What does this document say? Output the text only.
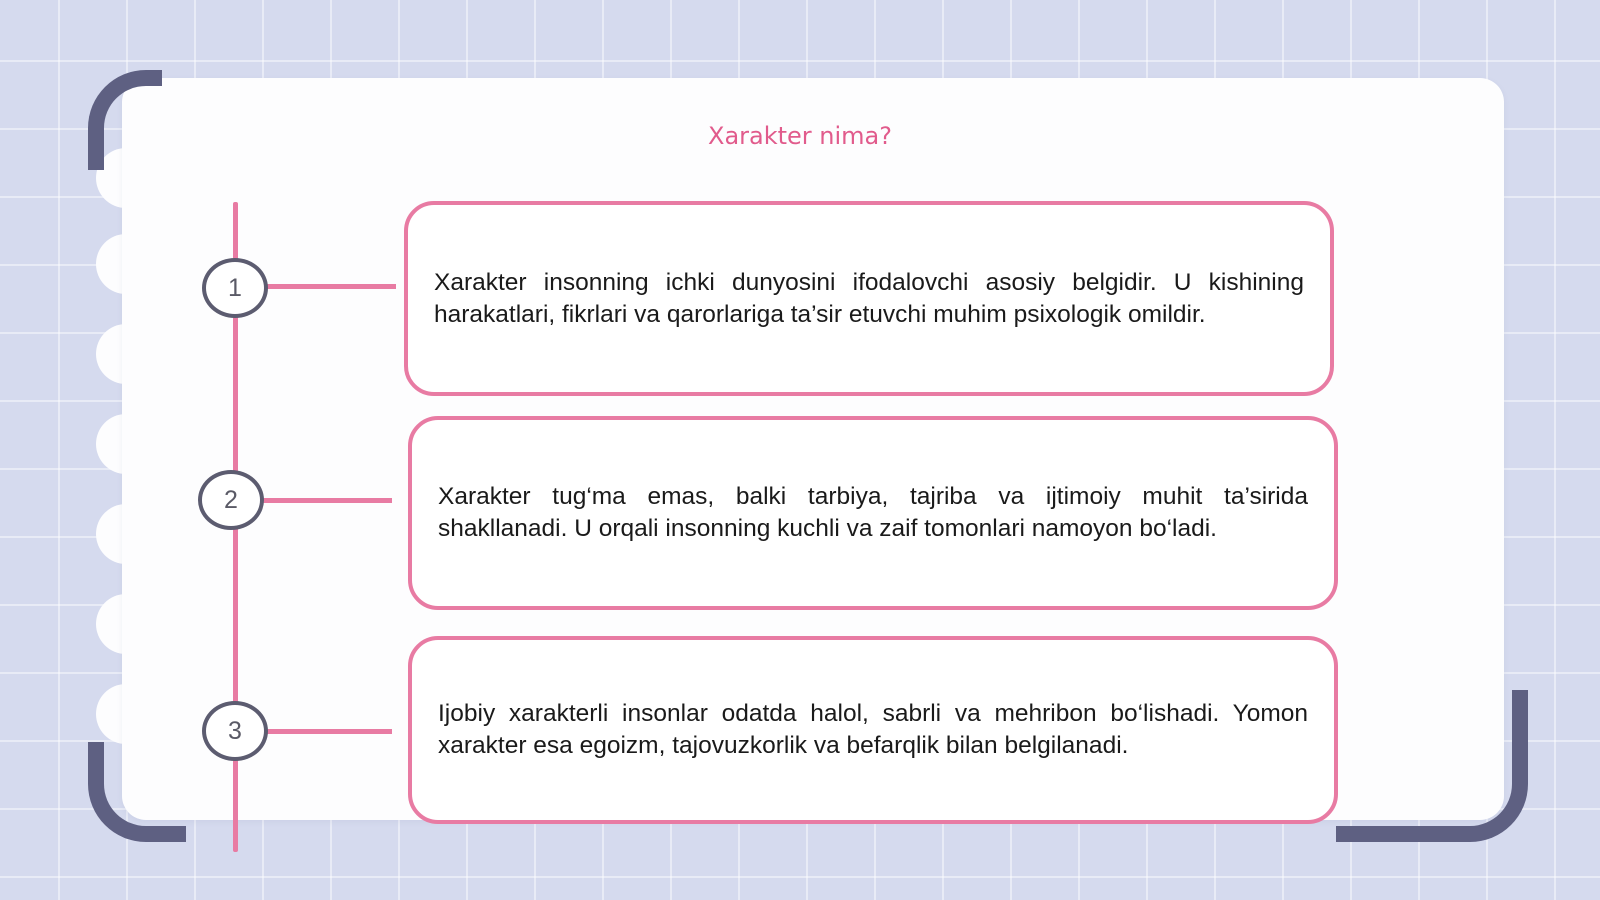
Xarakter nima?
1	Xarakter insonning ichki dunyosini ifodalovchi asosiy belgidir. U kishining harakatlari, fikrlari va qarorlariga ta’sir etuvchi muhim psixologik omildir.

2	Xarakter tug‘ma emas, balki tarbiya, tajriba va ijtimoiy muhit ta’sirida shakllanadi. U orqali insonning kuchli va zaif tomonlari namoyon bo‘ladi.

3

Ijobiy xarakterli insonlar odatda halol, sabrli va mehribon bo‘lishadi. Yomon xarakter esa egoizm, tajovuzkorlik va befarqlik bilan belgilanadi.
